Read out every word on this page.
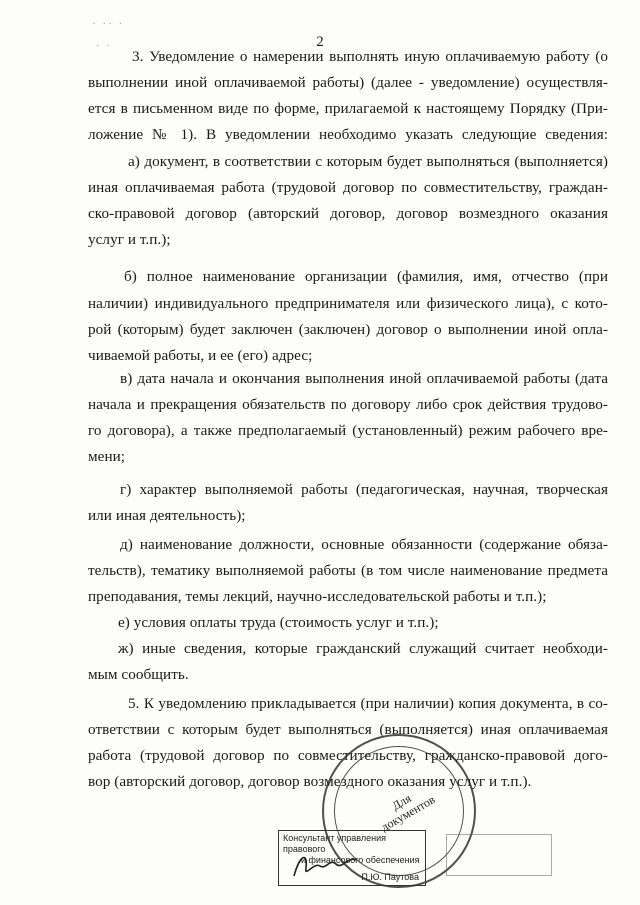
· ·· ·
· ·	2
3. Уведомление о намерении выполнять иную оплачиваемую работу (о
выполнении иной оплачиваемой работы) (далее - уведомление) осуществля-
ется в письменном виде по форме, прилагаемой к настоящему Порядку (При-
ложение № 1). В уведомлении необходимо указать следующие сведения:
а) документ, в соответствии с которым будет выполняться (выполняется)
иная оплачиваемая работа (трудовой договор по совместительству, граждан-
ско-правовой договор (авторский договор, договор возмездного оказания
услуг и т.п.);
б) полное наименование организации (фамилия, имя, отчество (при
наличии) индивидуального предпринимателя или физического лица), с кото-
рой (которым) будет заключен (заключен) договор о выполнении иной опла-
чиваемой работы, и ее (его) адрес;
в) дата начала и окончания выполнения иной оплачиваемой работы (дата
начала и прекращения обязательств по договору либо срок действия трудово-
го договора), а также предполагаемый (установленный) режим рабочего вре-
мени;
г) характер выполняемой работы (педагогическая, научная, творческая
или иная деятельность);
д) наименование должности, основные обязанности (содержание обяза-
тельств), тематику выполняемой работы (в том числе наименование предмета
преподавания, темы лекций, научно-исследовательской работы и т.п.);
е) условия оплаты труда (стоимость услуг и т.п.);
ж) иные сведения, которые гражданский служащий считает необходи-
мым сообщить.
5. К уведомлению прикладывается (при наличии) копия документа, в со-
ответствии с которым будет выполняться (выполняется) иная оплачиваемая
работа (трудовой договор по совместительству, гражданско-правовой дого-
вор (авторский договор, договор возмездного оказания услуг и т.п.).
Для документов
Консультант управления правового
и финансового обеспечения
П.Ю. Паутова
